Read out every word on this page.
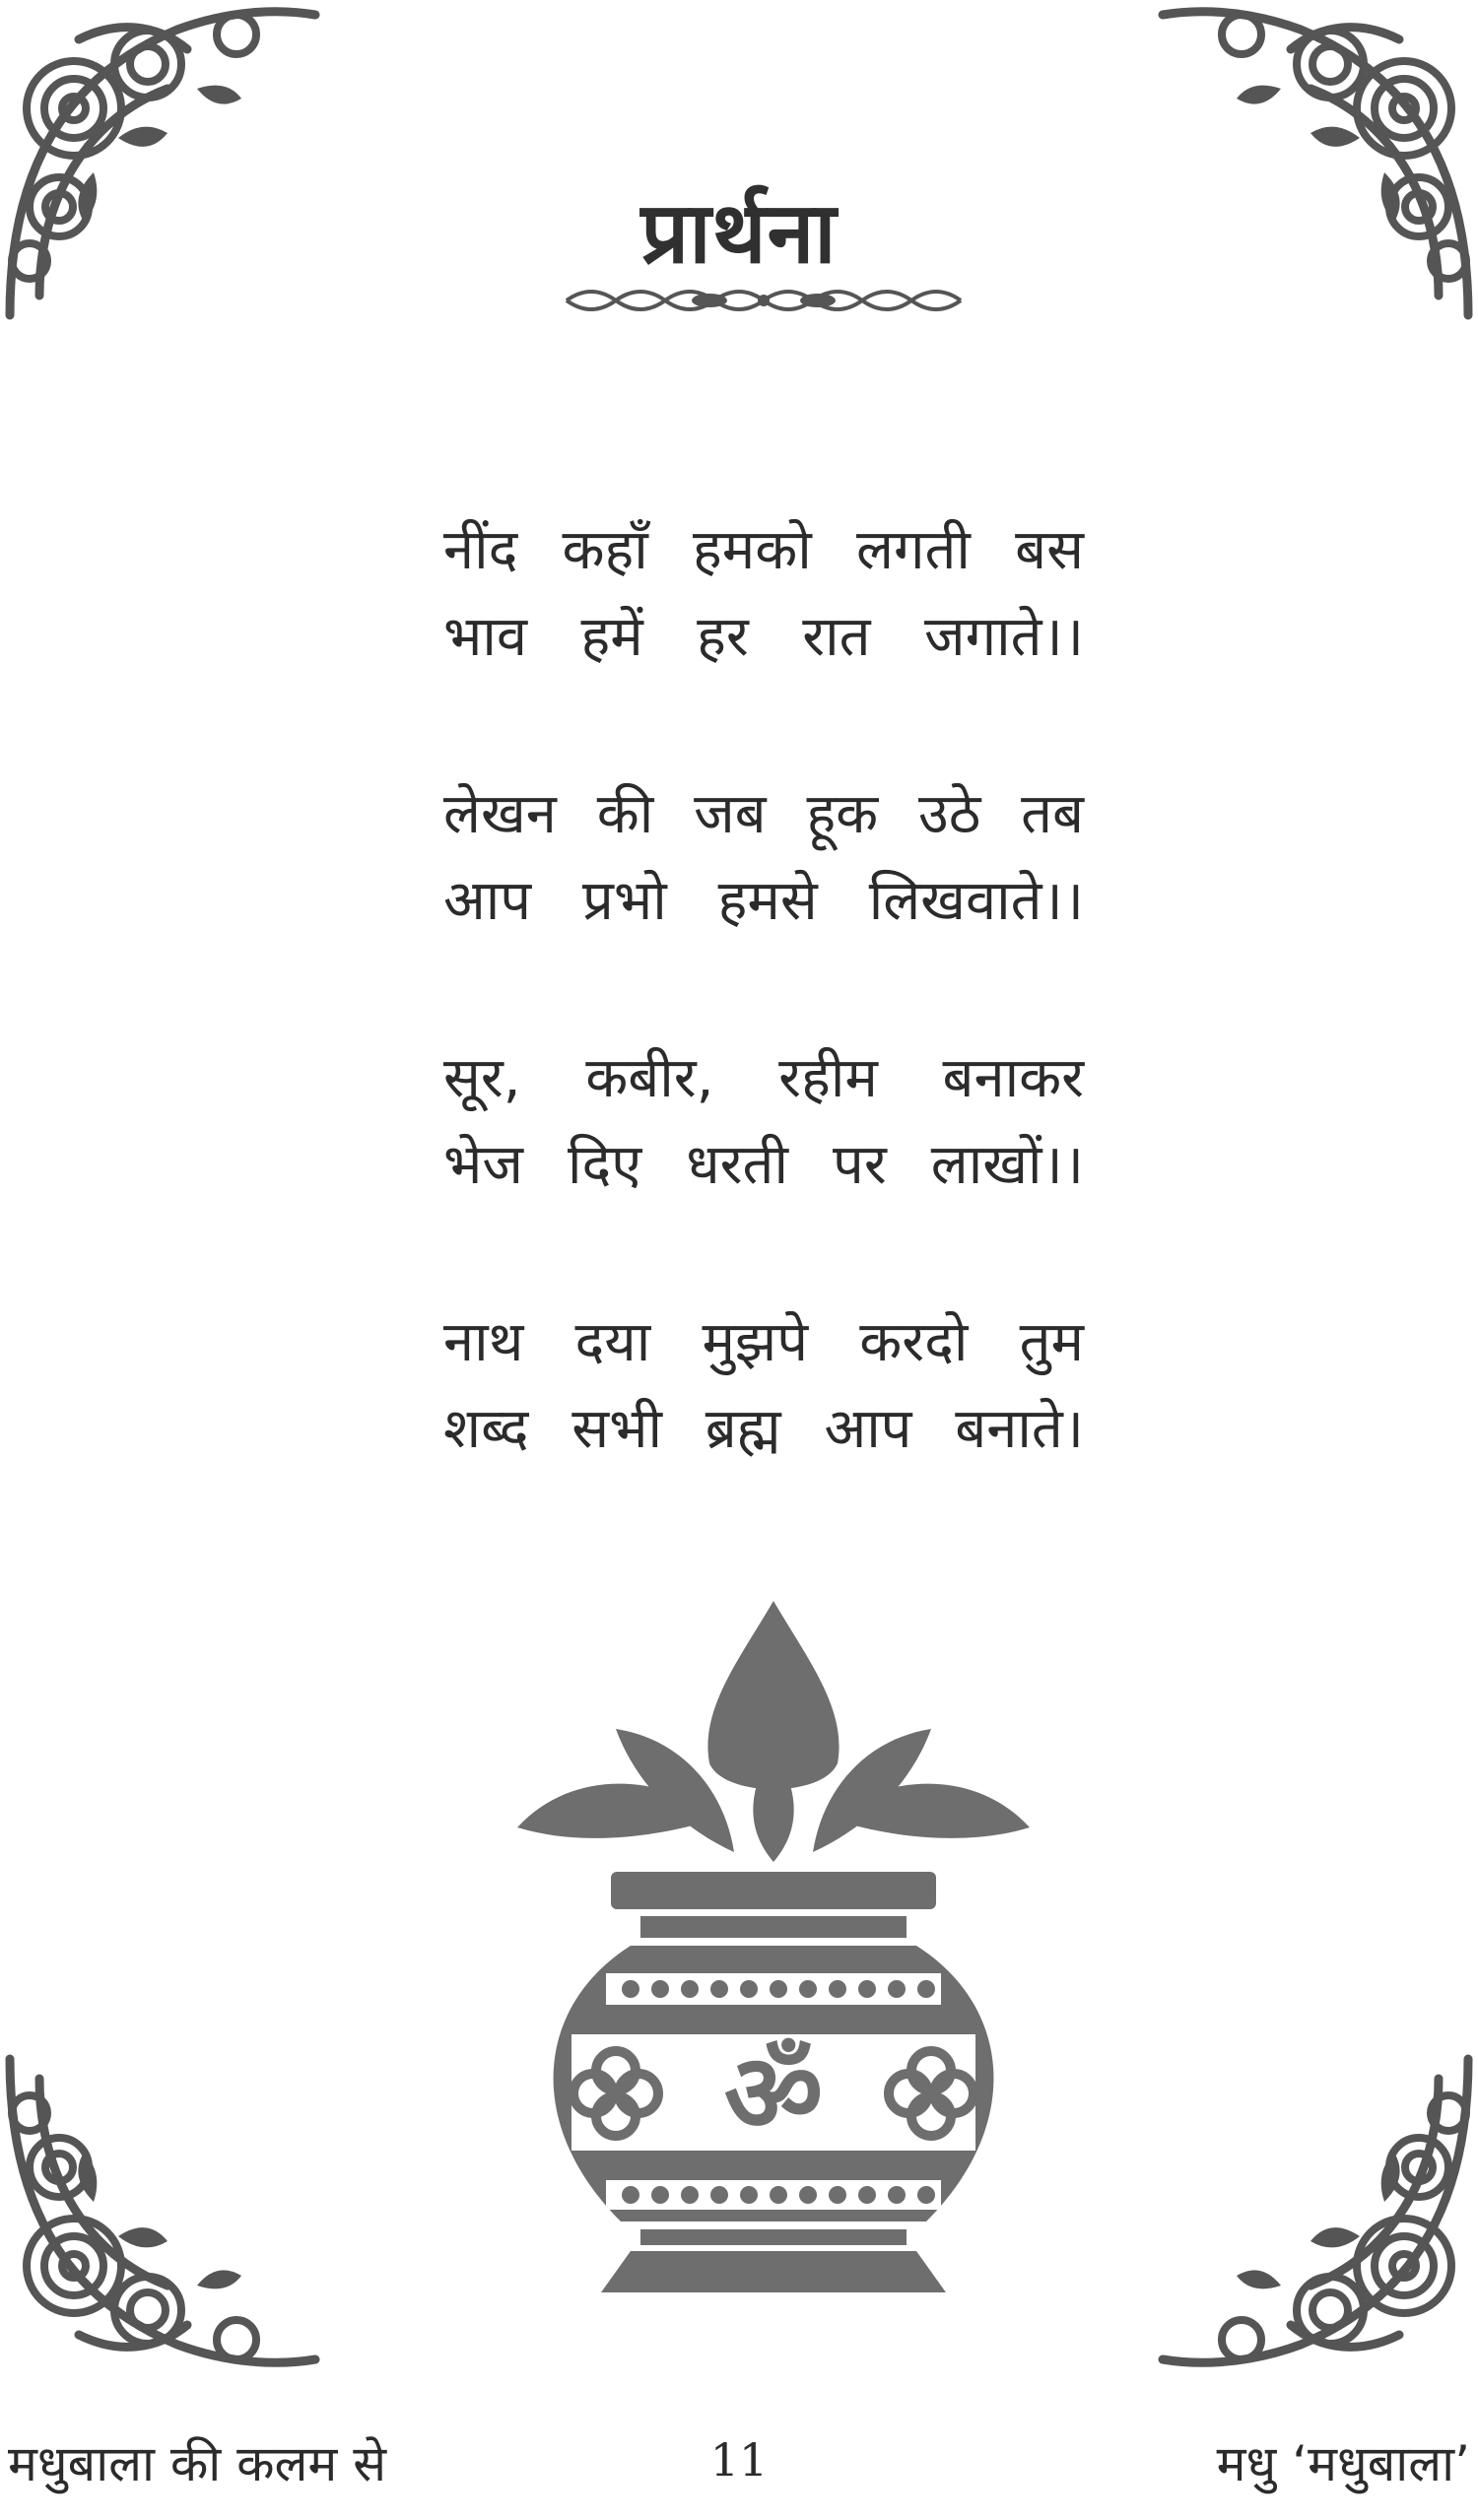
प्रार्थना
नींद कहाँ हमको लगती बस
भाव हमें हर रात जगाते।।
लेखन की जब हूक उठे तब
आप प्रभो हमसे लिखवाते।।
सूर, कबीर, रहीम बनाकर
भेज दिए धरती पर लाखों।।
नाथ दया मुझपे करदो तुम
शब्द सभी ब्रह्म आप बनाते।
ॐ
मधुबाला की कलम से	11	मधु ‘मधुबाला’
